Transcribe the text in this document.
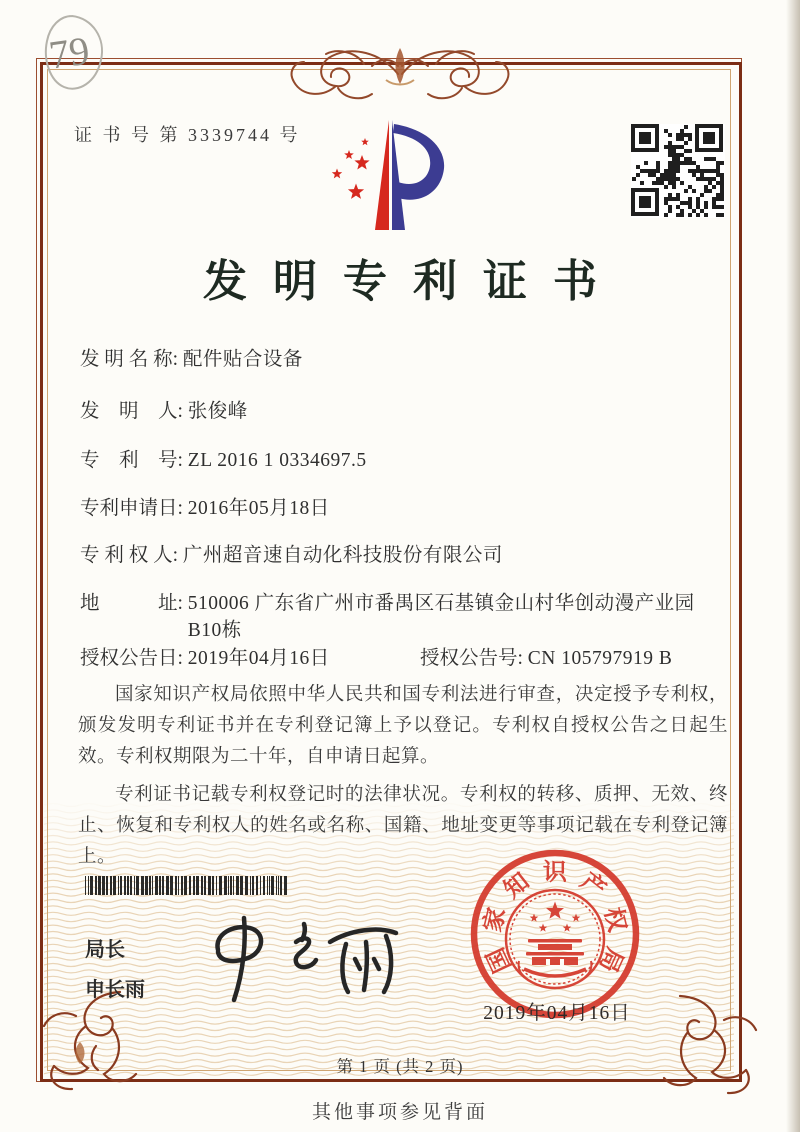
79
证 书 号 第 3339744 号
发明专利证书
发 明 名 称: 配件贴合设备
发　明　人: 张俊峰
专　利　号: ZL 2016 1 0334697.5
专利申请日: 2016年05月18日
专 利 权 人: 广州超音速自动化科技股份有限公司
地　　　址: 510006 广东省广州市番禺区石基镇金山村华创动漫产业园B10栋
授权公告日: 2019年04月16日	授权公告号: CN 105797919 B

国家知识产权局依照中华人民共和国专利法进行审查，决定授予专利权，颁发发明专利证书并在专利登记簿上予以登记。专利权自授权公告之日起生效。专利权期限为二十年，自申请日起算。

专利证书记载专利权登记时的法律状况。专利权的转移、质押、无效、终止、恢复和专利权人的姓名或名称、国籍、地址变更等事项记载在专利登记簿上。

局长
申长雨
国
家
知 识 产
权
局
2019年04月16日
第 1 页 (共 2 页)
其他事项参见背面
